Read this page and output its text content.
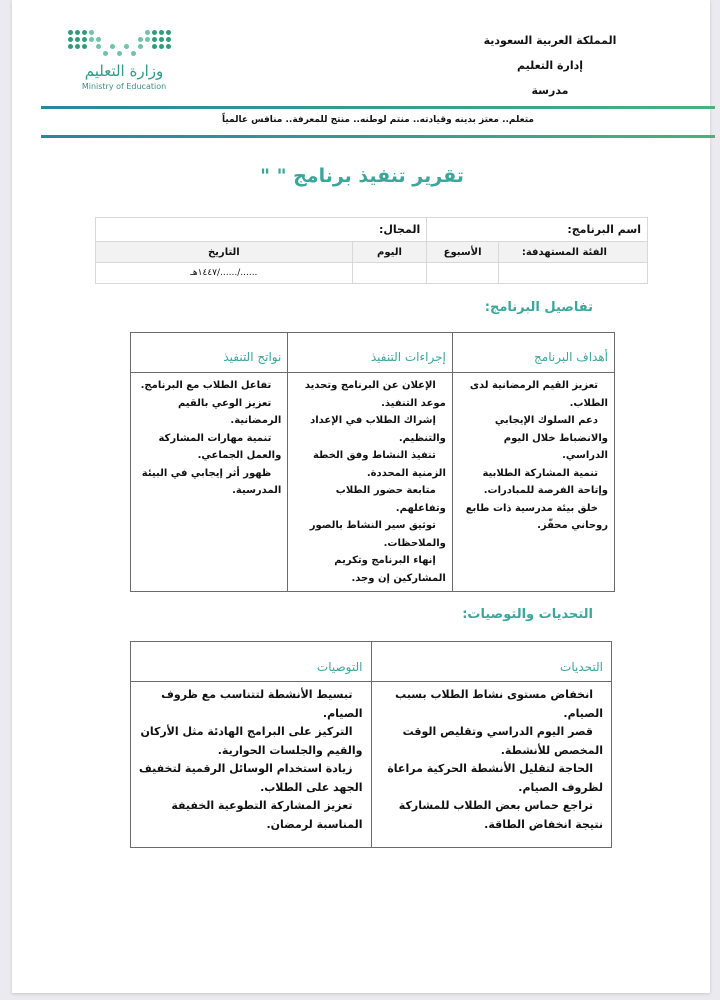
وزارة التعليم
Ministry of Education
المملكة العربية السعودية
إدارة التعليم
مدرسة
متعلم.. معتز بدينه وقيادته.. منتم لوطنه.. منتج للمعرفة.. منافس عالمياً
تقرير تنفيذ برنامج " "
اسم البرنامج:		المجال:	
الفئة المستهدفة:	الأسبوع	اليوم	التاريخ
			....../....../١٤٤٧هـ
تفاصيل البرنامج:
أهداف البرنامج	إجراءات التنفيذ	نواتج التنفيذ

تعزيز القيم الرمضانية لدى الطلاب.
دعم السلوك الإيجابي والانضباط خلال اليوم الدراسي.
تنمية المشاركة الطلابية وإتاحة الفرصة للمبادرات.
خلق بيئة مدرسية ذات طابع روحاني محفّز.

الإعلان عن البرنامج وتحديد موعد التنفيذ.
إشراك الطلاب في الإعداد والتنظيم.
تنفيذ النشاط وفق الخطة الزمنية المحددة.
متابعة حضور الطلاب وتفاعلهم.
توثيق سير النشاط بالصور والملاحظات.
إنهاء البرنامج وتكريم المشاركين إن وجد.

تفاعل الطلاب مع البرنامج.
تعزيز الوعي بالقيم الرمضانية.
تنمية مهارات المشاركة والعمل الجماعي.
ظهور أثر إيجابي في البيئة المدرسية.
التحديات والتوصيات:
التحديات	التوصيات

انخفاض مستوى نشاط الطلاب بسبب الصيام.
قصر اليوم الدراسي وتقليص الوقت المخصص للأنشطة.
الحاجة لتقليل الأنشطة الحركية مراعاة لظروف الصيام.
تراجع حماس بعض الطلاب للمشاركة نتيجة انخفاض الطاقة.

تبسيط الأنشطة لتتناسب مع ظروف الصيام.
التركيز على البرامج الهادئة مثل الأركان والقيم والجلسات الحوارية.
زيادة استخدام الوسائل الرقمية لتخفيف الجهد على الطلاب.
تعزيز المشاركة التطوعية الخفيفة المناسبة لرمضان.
